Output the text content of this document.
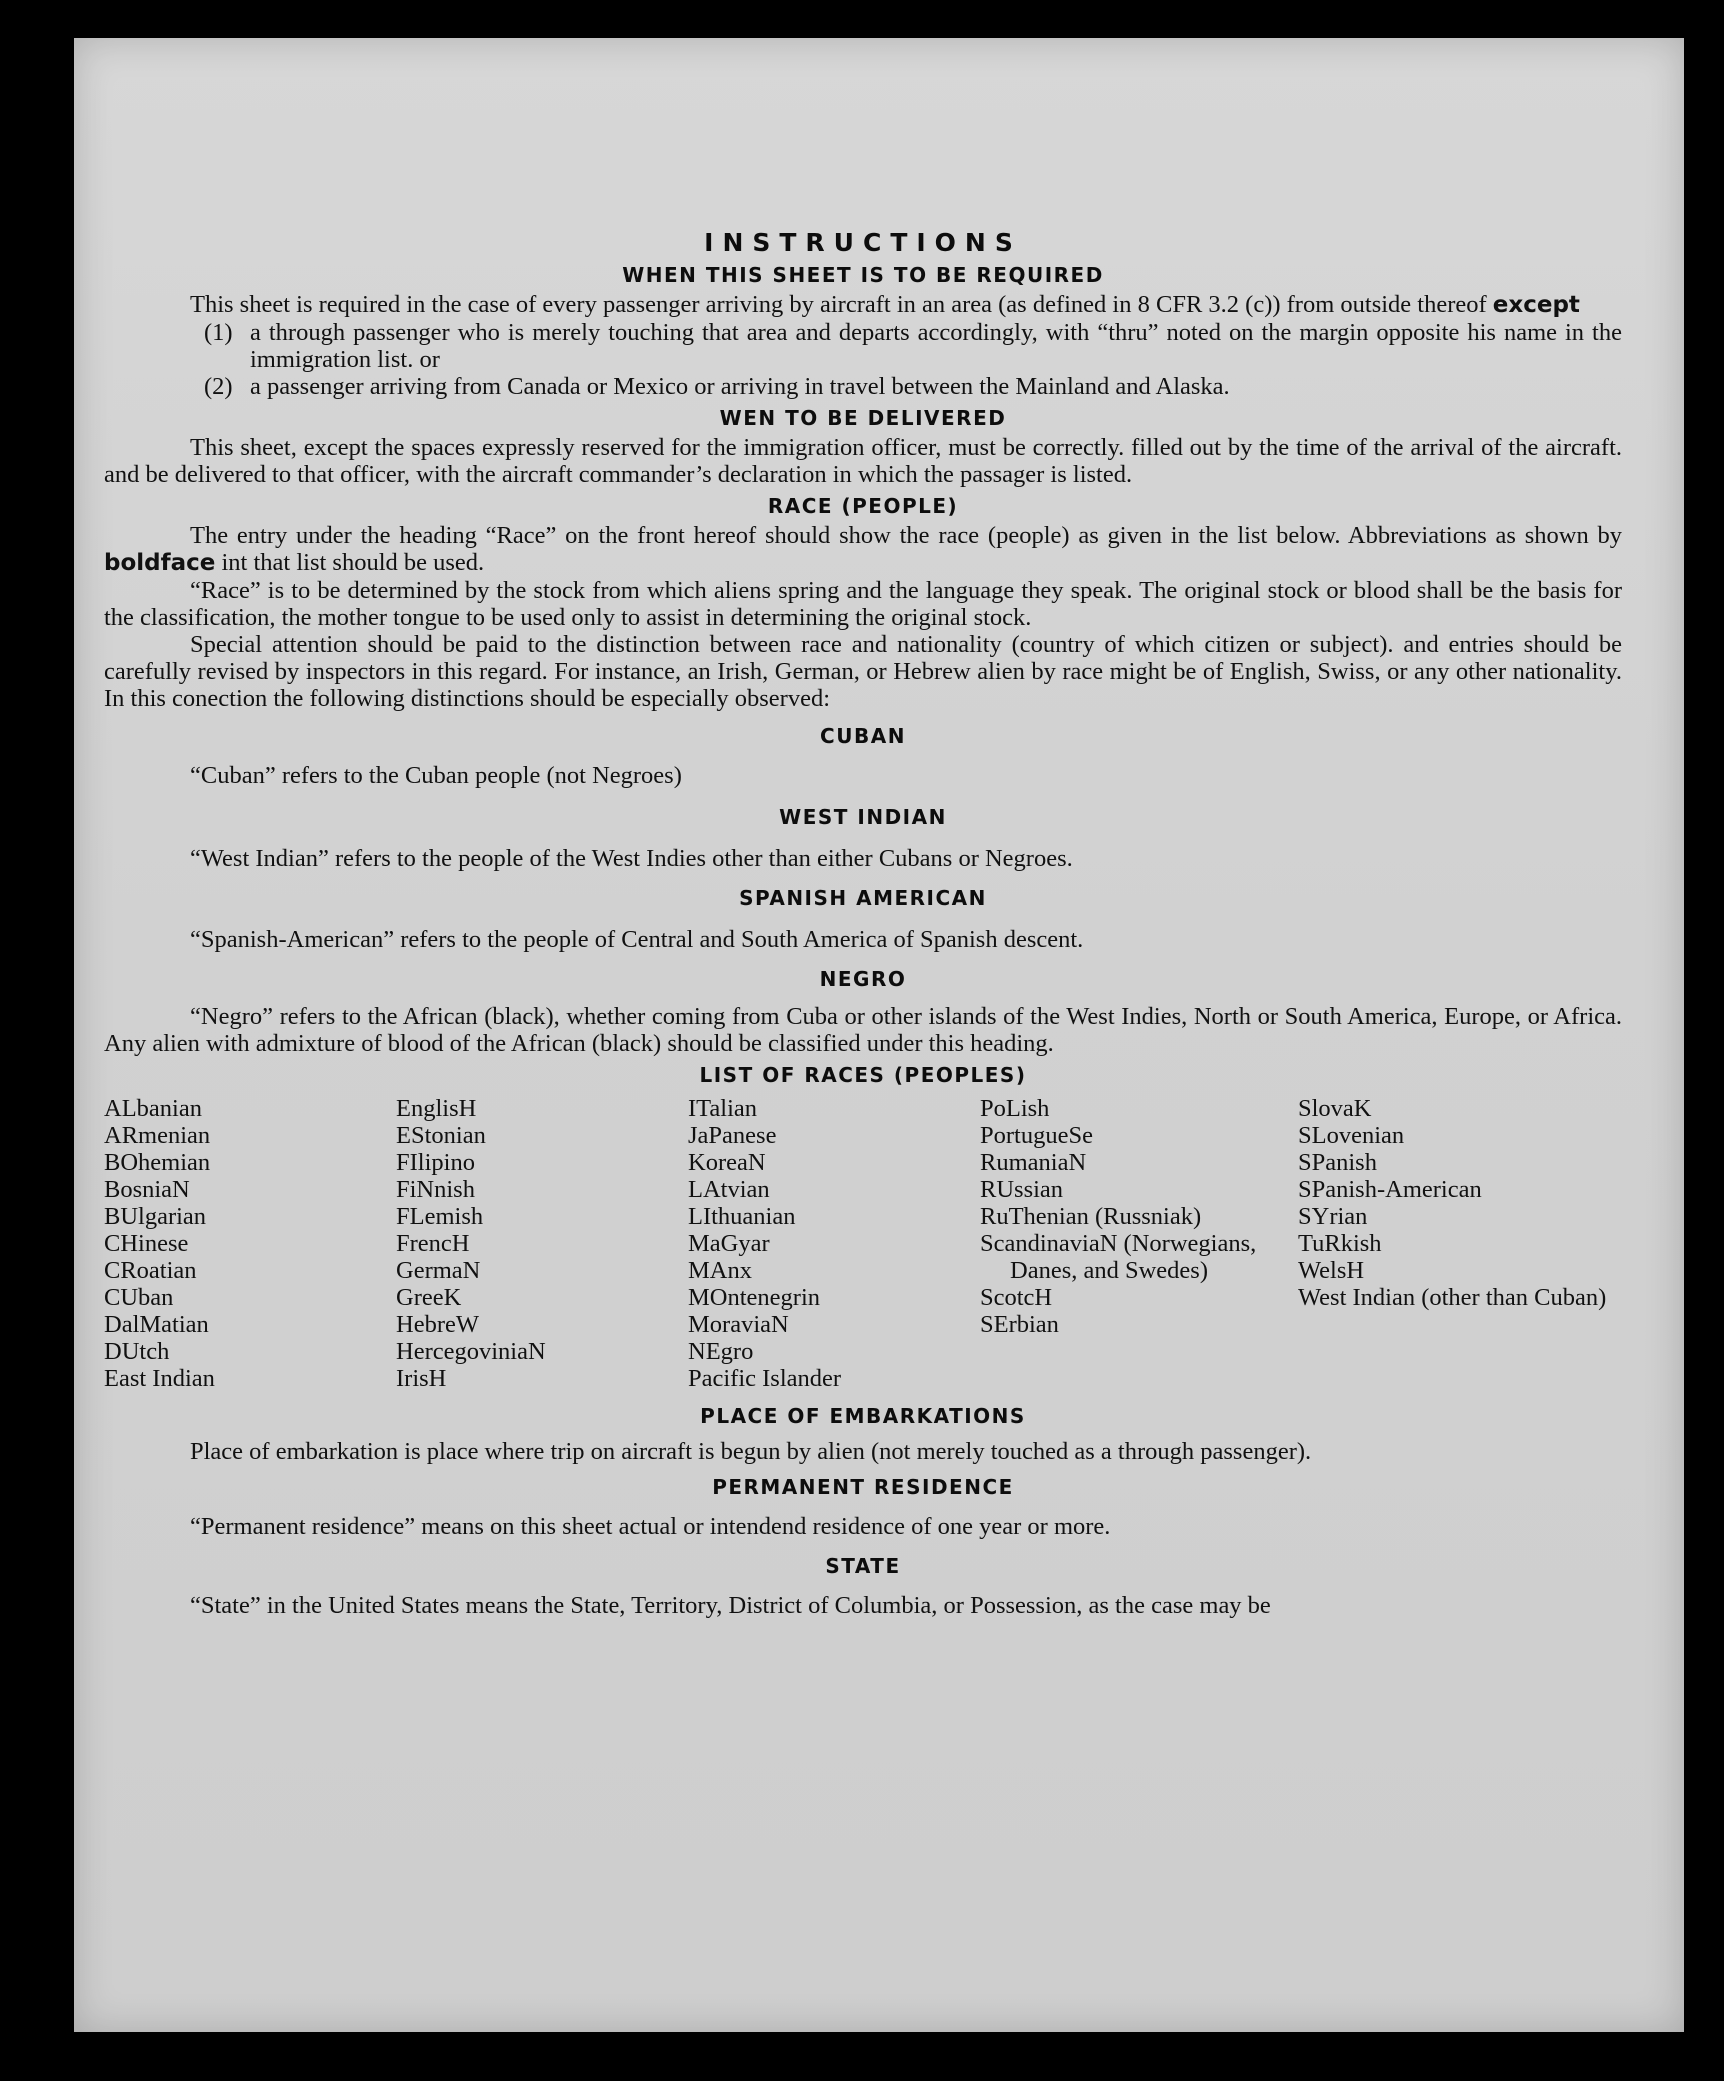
INSTRUCTIONS
WHEN THIS SHEET IS TO BE REQUIRED

This sheet is required in the case of every passenger arriving by aircraft in an area (as defined in 8 CFR 3.2 (c)) from outside thereof except

(1) a through passenger who is merely touching that area and departs accordingly, with “thru” noted on the margin opposite his name in the immigration list. or
(2) a passenger arriving from Canada or Mexico or arriving in travel between the Mainland and Alaska.
WEN TO BE DELIVERED

This sheet, except the spaces expressly reserved for the immigration officer, must be correctly. filled out by the time of the arrival of the aircraft. and be delivered to that officer, with the aircraft commander’s declaration in which the passager is listed.

RACE (PEOPLE)

The entry under the heading “Race” on the front hereof should show the race (people) as given in the list below. Abbreviations as shown by boldface int that list should be used.

“Race” is to be determined by the stock from which aliens spring and the language they speak. The original stock or blood shall be the basis for the classification, the mother tongue to be used only to assist in determining the original stock.

Special attention should be paid to the distinction between race and nationality (country of which citizen or subject). and entries should be carefully revised by inspectors in this regard. For instance, an Irish, German, or Hebrew alien by race might be of English, Swiss, or any other nationality. In this conection the following distinctions should be especially observed:

CUBAN

“Cuban” refers to the Cuban people (not Negroes)

WEST INDIAN

“West Indian” refers to the people of the West Indies other than either Cubans or Negroes.

SPANISH AMERICAN

“Spanish-American” refers to the people of Central and South America of Spanish descent.

NEGRO

“Negro” refers to the African (black), whether coming from Cuba or other islands of the West Indies, North or South America, Europe, or Africa. Any alien with admixture of blood of the African (black) should be classified under this heading.

LIST OF RACES (PEOPLES)
ALbanian
ARmenian
BOhemian
BosniaN
BUlgarian
CHinese
CRoatian
CUban
DalMatian
DUtch
East Indian
EnglisH
EStonian
FIlipino
FiNnish
FLemish
FrencH
GermaN
GreeK
HebreW
HercegovinіaN
IrisH
ITalian
JaPanese
KoreaN
LAtvian
LIthuanian
MaGyar
MAnx
MOntenegrin
MoraviaN
NEgro
Pacific Islander
PoLish
PortugueSe
RumaniaN
RUssian
RuThenian (Russniak)
ScandinaviaN (Norwegians, Danes, and Swedes)
ScotcH
SErbian
SlovaK
SLovenian
SPanish
SPanish-American
SYrian
TuRkish
WelsH
West Indian (other than Cuban)
PLACE OF EMBARKATIONS

Place of embarkation is place where trip on aircraft is begun by alien (not merely touched as a through passenger).

PERMANENT RESIDENCE

“Permanent residence” means on this sheet actual or intendend residence of one year or more.

STATE

“State” in the United States means the State, Territory, District of Columbia, or Possession, as the case may be
